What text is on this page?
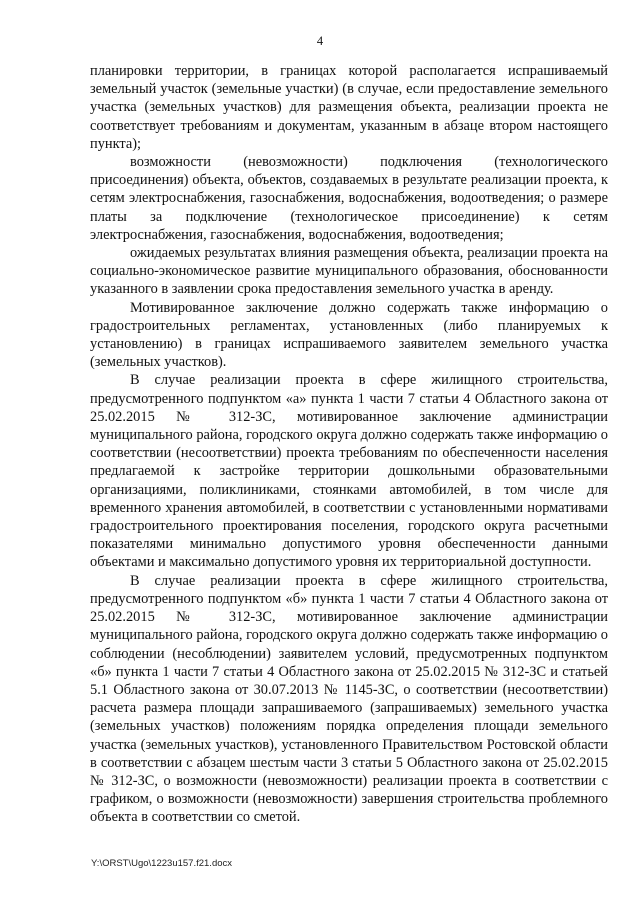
4

планировки территории, в границах которой располагается испрашиваемый земельный участок (земельные участки) (в случае, если предоставление земельного участка (земельных участков) для размещения объекта, реализации проекта не соответствует требованиям и документам, указанным в абзаце втором настоящего пункта);

возможности (невозможности) подключения (технологического присоединения) объекта, объектов, создаваемых в результате реализации проекта, к сетям электроснабжения, газоснабжения, водоснабжения, водоотведения; о размере платы за подключение (технологическое присоединение) к сетям электроснабжения, газоснабжения, водоснабжения, водоотведения;

ожидаемых результатах влияния размещения объекта, реализации проекта на социально-экономическое развитие муниципального образования, обоснованности указанного в заявлении срока предоставления земельного участка в аренду.

Мотивированное заключение должно содержать также информацию о градостроительных регламентах, установленных (либо планируемых к установлению) в границах испрашиваемого заявителем земельного участка (земельных участков).

В случае реализации проекта в сфере жилищного строительства, предусмотренного подпунктом «а» пункта 1 части 7 статьи 4 Областного закона от 25.02.2015 № 312-ЗС, мотивированное заключение администрации муниципального района, городского округа должно содержать также информацию о соответствии (несоответствии) проекта требованиям по обеспеченности населения предлагаемой к застройке территории дошкольными образовательными организациями, поликлиниками, стоянками автомобилей, в том числе для временного хранения автомобилей, в соответствии с установленными нормативами градостроительного проектирования поселения, городского округа расчетными показателями минимально допустимого уровня обеспеченности данными объектами и максимально допустимого уровня их территориальной доступности.

В случае реализации проекта в сфере жилищного строительства, предусмотренного подпунктом «б» пункта 1 части 7 статьи 4 Областного закона от 25.02.2015 № 312-ЗС, мотивированное заключение администрации муниципального района, городского округа должно содержать также информацию о соблюдении (несоблюдении) заявителем условий, предусмотренных подпунктом «б» пункта 1 части 7 статьи 4 Областного закона от 25.02.2015 № 312-ЗС и статьей 5.1 Областного закона от 30.07.2013 № 1145-ЗС, о соответствии (несоответствии) расчета размера площади запрашиваемого (запрашиваемых) земельного участка (земельных участков) положениям порядка определения площади земельного участка (земельных участков), установленного Правительством Ростовской области в соответствии с абзацем шестым части 3 статьи 5 Областного закона от 25.02.2015 № 312-ЗС, о возможности (невозможности) реализации проекта в соответствии с графиком, о возможности (невозможности) завершения строительства проблемного объекта в соответствии со сметой.

Y:\ORST\Ugo\1223u157.f21.docx
